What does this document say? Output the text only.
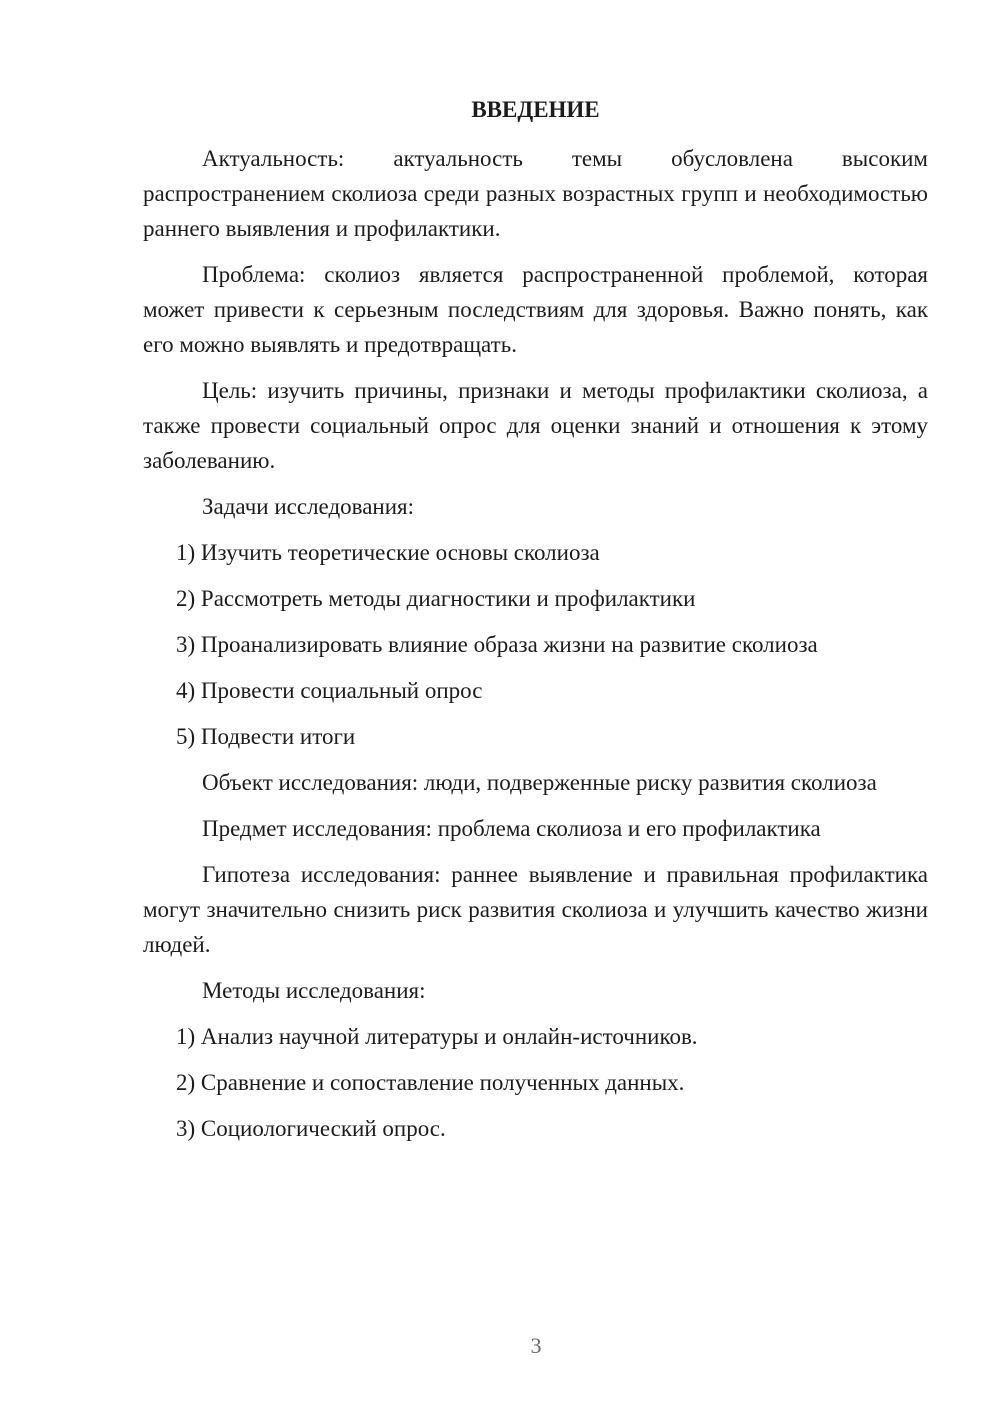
ВВЕДЕНИЕ

Актуальность: актуальность темы обусловлена высоким распространением сколиоза среди разных возрастных групп и необходимостью раннего выявления и профилактики.

Проблема: сколиоз является распространенной проблемой, которая может привести к серьезным последствиям для здоровья. Важно понять, как его можно выявлять и предотвращать.

Цель: изучить причины, признаки и методы профилактики сколиоза, а также провести социальный опрос для оценки знаний и отношения к этому заболеванию.

Задачи исследования:

1) Изучить теоретические основы сколиоза

2) Рассмотреть методы диагностики и профилактики

3) Проанализировать влияние образа жизни на развитие сколиоза

4) Провести социальный опрос

5) Подвести итоги

Объект исследования: люди, подверженные риску развития сколиоза

Предмет исследования: проблема сколиоза и его профилактика

Гипотеза исследования: раннее выявление и правильная профилактика могут значительно снизить риск развития сколиоза и улучшить качество жизни людей.

Методы исследования:

1) Анализ научной литературы и онлайн-источников.

2) Сравнение и сопоставление полученных данных.

3) Социологический опрос.

3
